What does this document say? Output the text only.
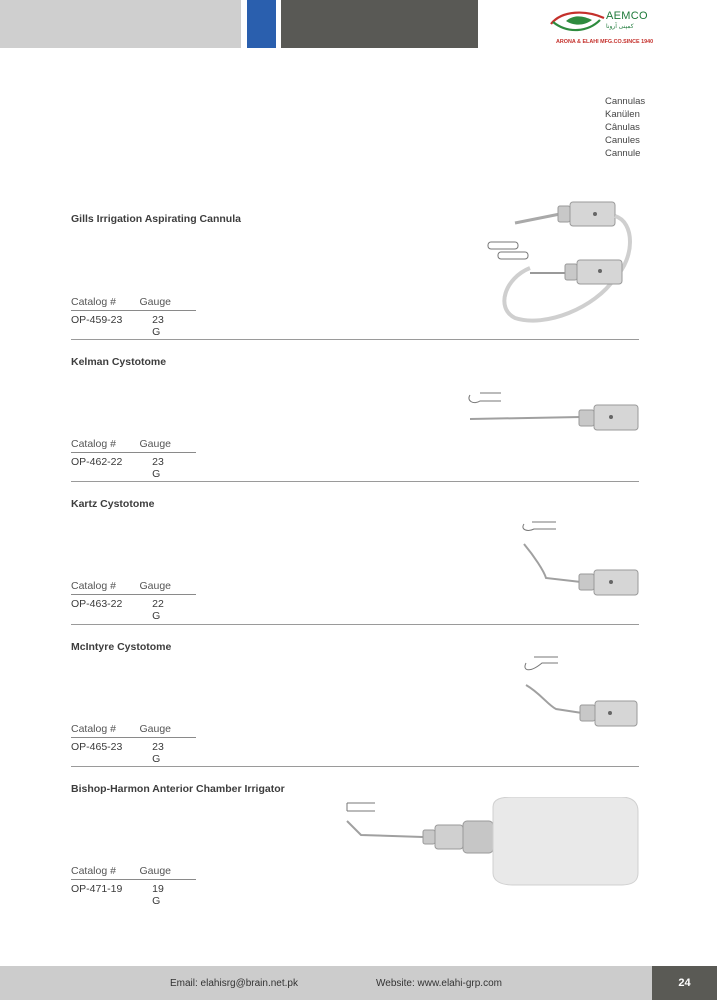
AEMCO
کمپنی آرونا
ARONA & ELAHI MFG.CO.SINCE 1940
Cannulas
Kanülen
Cânulas
Canules
Cannule
Gills Irrigation Aspirating Cannula
Catalog #	Gauge
OP-459-23	23 G
Kelman Cystotome
Catalog #	Gauge
OP-462-22	23 G
Kartz Cystotome
Catalog #	Gauge
OP-463-22	22 G
McIntyre Cystotome
Catalog #	Gauge
OP-465-23	23 G
Bishop-Harmon Anterior Chamber Irrigator
Catalog #	Gauge
OP-471-19	19 G
Email: elahisrg@brain.net.pk	Website: www.elahi-grp.com	24
